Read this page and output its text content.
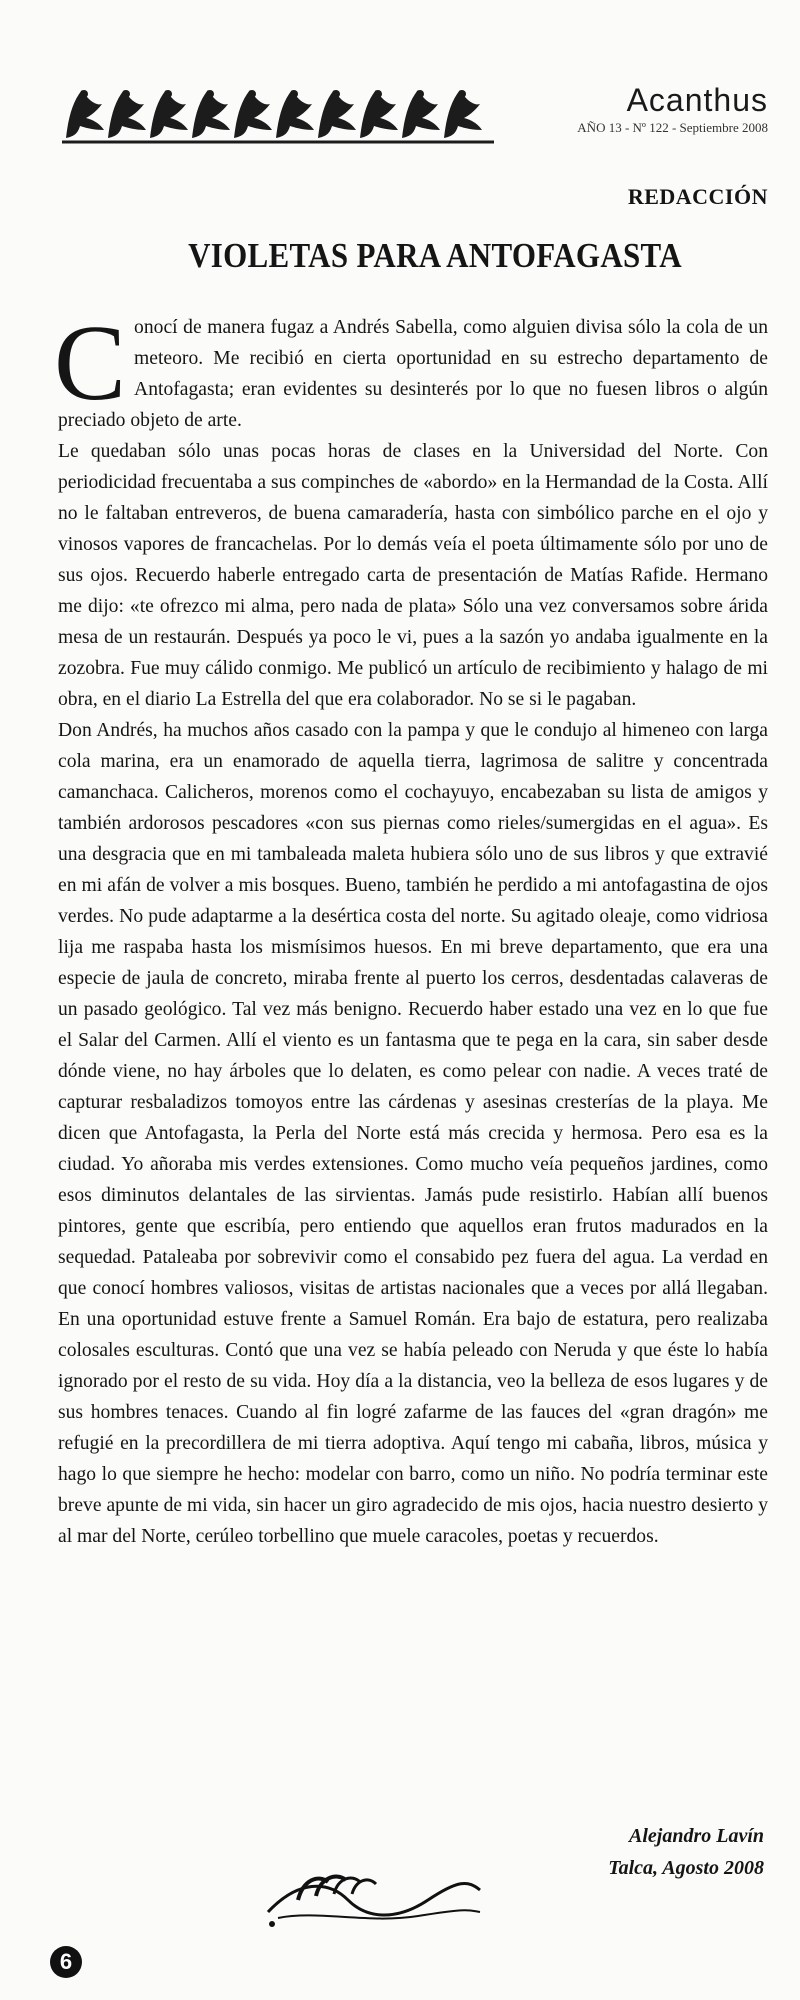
Acanthus
AÑO 13 - Nº 122 - Septiembre 2008
REDACCIÓN
VIOLETAS PARA ANTOFAGASTA

Conocí de manera fugaz a Andrés Sabella, como alguien divisa sólo la cola de un meteoro. Me recibió en cierta oportunidad en su estrecho departamento de Antofagasta; eran evidentes su desinterés por lo que no fuesen libros o algún preciado objeto de arte.

Le quedaban sólo unas pocas horas de clases en la Universidad del Norte. Con periodicidad frecuentaba a sus compinches de «abordo» en la Hermandad de la Costa. Allí no le faltaban entreveros, de buena camaradería, hasta con simbólico parche en el ojo y vinosos vapores de francachelas. Por lo demás veía el poeta últimamente sólo por uno de sus ojos. Recuerdo haberle entregado carta de presentación de Matías Rafide. Hermano me dijo: «te ofrezco mi alma, pero nada de plata» Sólo una vez conversamos sobre árida mesa de un restaurán. Después ya poco le vi, pues a la sazón yo andaba igualmente en la zozobra. Fue muy cálido conmigo. Me publicó un artículo de recibimiento y halago de mi obra, en el diario La Estrella del que era colaborador. No se si le pagaban.

Don Andrés, ha muchos años casado con la pampa y que le condujo al himeneo con larga cola marina, era un enamorado de aquella tierra, lagrimosa de salitre y concentrada camanchaca. Calicheros, morenos como el cochayuyo, encabezaban su lista de amigos y también ardorosos pescadores «con sus piernas como rieles/sumergidas en el agua». Es una desgracia que en mi tambaleada maleta hubiera sólo uno de sus libros y que extravié en mi afán de volver a mis bosques. Bueno, también he perdido a mi antofagastina de ojos verdes. No pude adaptarme a la desértica costa del norte. Su agitado oleaje, como vidriosa lija me raspaba hasta los mismísimos huesos. En mi breve departamento, que era una especie de jaula de concreto, miraba frente al puerto los cerros, desdentadas calaveras de un pasado geológico. Tal vez más benigno. Recuerdo haber estado una vez en lo que fue el Salar del Carmen. Allí el viento es un fantasma que te pega en la cara, sin saber desde dónde viene, no hay árboles que lo delaten, es como pelear con nadie. A veces traté de capturar resbaladizos tomoyos entre las cárdenas y asesinas cresterías de la playa. Me dicen que Antofagasta, la Perla del Norte está más crecida y hermosa. Pero esa es la ciudad. Yo añoraba mis verdes extensiones. Como mucho veía pequeños jardines, como esos diminutos delantales de las sirvientas. Jamás pude resistirlo. Habían allí buenos pintores, gente que escribía, pero entiendo que aquellos eran frutos madurados en la sequedad. Pataleaba por sobrevivir como el consabido pez fuera del agua. La verdad en que conocí hombres valiosos, visitas de artistas nacionales que a veces por allá llegaban. En una oportunidad estuve frente a Samuel Román. Era bajo de estatura, pero realizaba colosales esculturas. Contó que una vez se había peleado con Neruda y que éste lo había ignorado por el resto de su vida. Hoy día a la distancia, veo la belleza de esos lugares y de sus hombres tenaces. Cuando al fin logré zafarme de las fauces del «gran dragón» me refugié en la precordillera de mi tierra adoptiva. Aquí tengo mi cabaña, libros, música y hago lo que siempre he hecho: modelar con barro, como un niño. No podría terminar este breve apunte de mi vida, sin hacer un giro agradecido de mis ojos, hacia nuestro desierto y al mar del Norte, cerúleo torbellino que muele caracoles, poetas y recuerdos.

Alejandro Lavín
Talca, Agosto 2008
6
